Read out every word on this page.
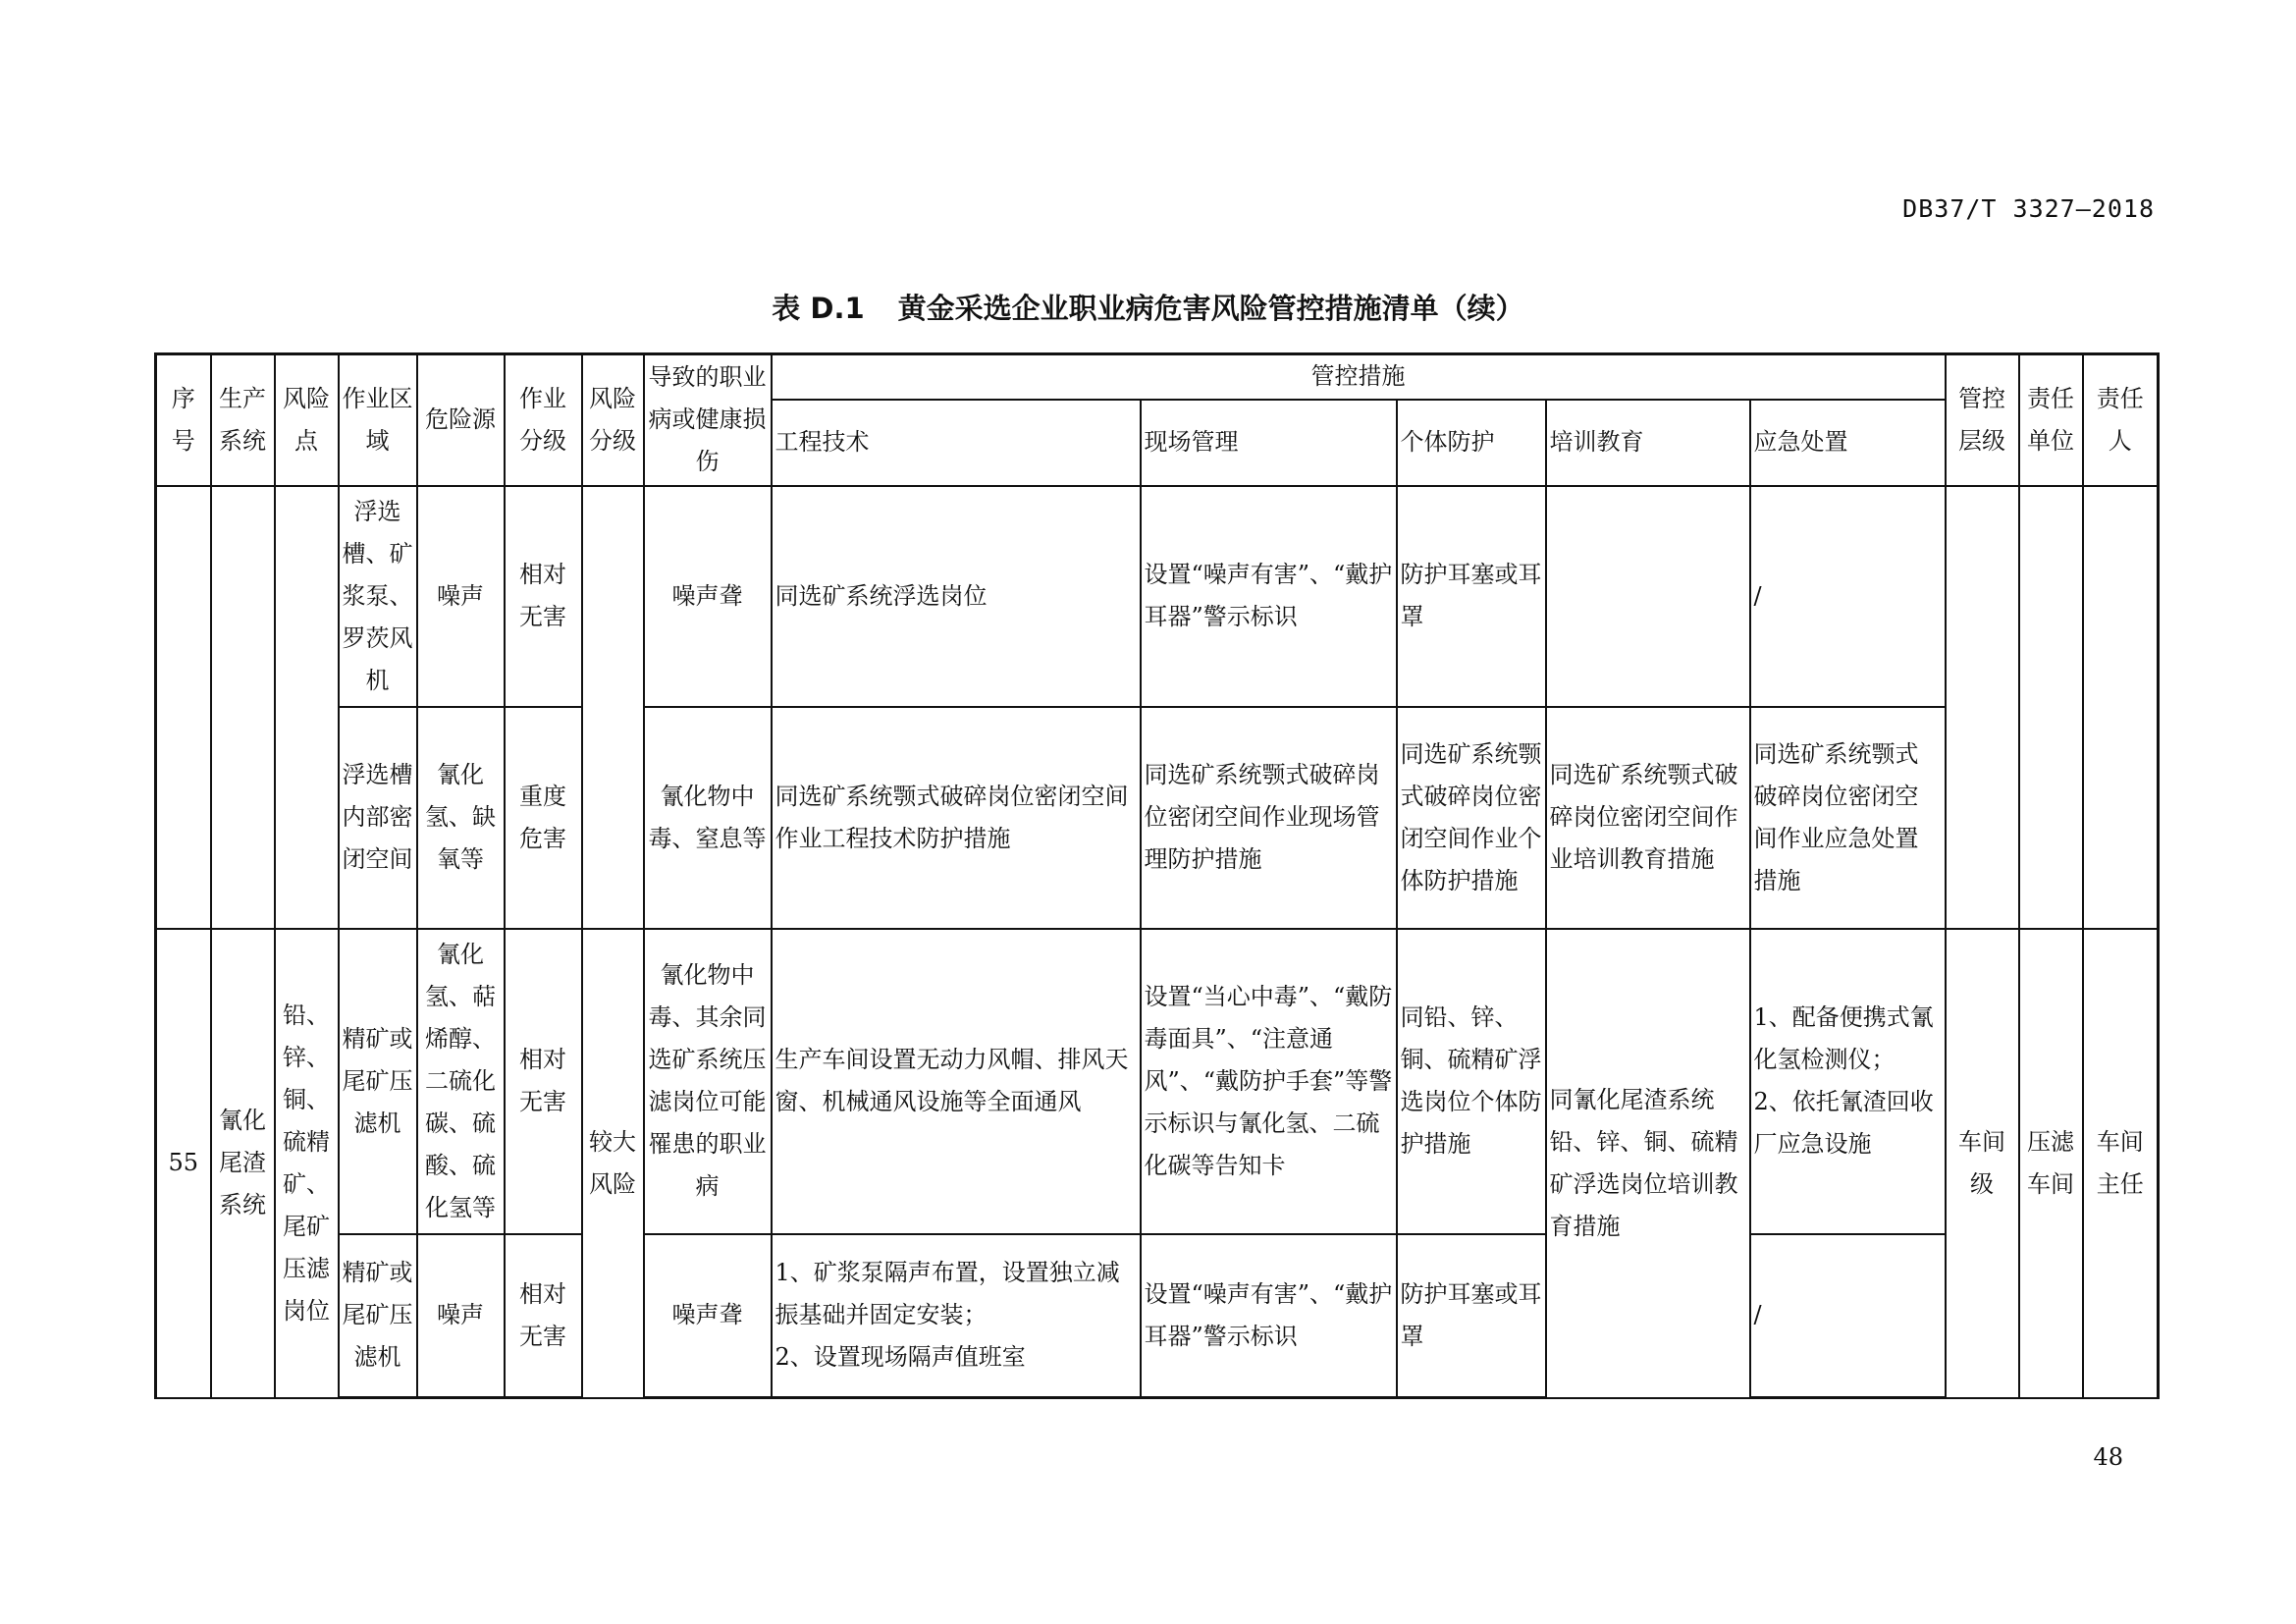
DB37/T 3327—2018
表 D.1 黄金采选企业职业病危害风险管控措施清单（续）
序号	生产系统	风险点	作业区域	危险源	作业分级	风险分级	导致的职业病或健康损伤	管控措施					管控层级	责任单位	责任人
								工程技术	现场管理	个体防护	培训教育	应急处置			
			浮选槽、矿浆泵、罗茨风机	噪声	相对无害		噪声聋	同选矿系统浮选岗位	设置“噪声有害”、“戴护耳器”警示标识	防护耳塞或耳罩		/			
			浮选槽内部密闭空间	氰化氢、缺氧等	重度危害		氰化物中毒、窒息等	同选矿系统颚式破碎岗位密闭空间作业工程技术防护措施	同选矿系统颚式破碎岗位密闭空间作业现场管理防护措施	同选矿系统颚式破碎岗位密闭空间作业个体防护措施	同选矿系统颚式破碎岗位密闭空间作业培训教育措施	同选矿系统颚式破碎岗位密闭空间作业应急处置措施			
55	氰化尾渣系统	铅、锌、铜、硫精矿、尾矿压滤岗位	精矿或尾矿压滤机	氰化氢、萜烯醇、二硫化碳、硫酸、硫化氢等	相对无害	较大风险	氰化物中毒、其余同选矿系统压滤岗位可能罹患的职业病	生产车间设置无动力风帽、排风天窗、机械通风设施等全面通风	设置“当心中毒”、“戴防毒面具”、“注意通风”、“戴防护手套”等警示标识与氰化氢、二硫化碳等告知卡	同铅、锌、铜、硫精矿浮选岗位个体防护措施	同氰化尾渣系统铅、锌、铜、硫精矿浮选岗位培训教育措施	1、配备便携式氰化氢检测仪；
2、依托氰渣回收厂应急设施	车间级	压滤车间	车间主任
			精矿或尾矿压滤机	噪声	相对无害		噪声聋	1、矿浆泵隔声布置，设置独立减振基础并固定安装；
2、设置现场隔声值班室	设置“噪声有害”、“戴护耳器”警示标识	防护耳塞或耳罩		/			
48
